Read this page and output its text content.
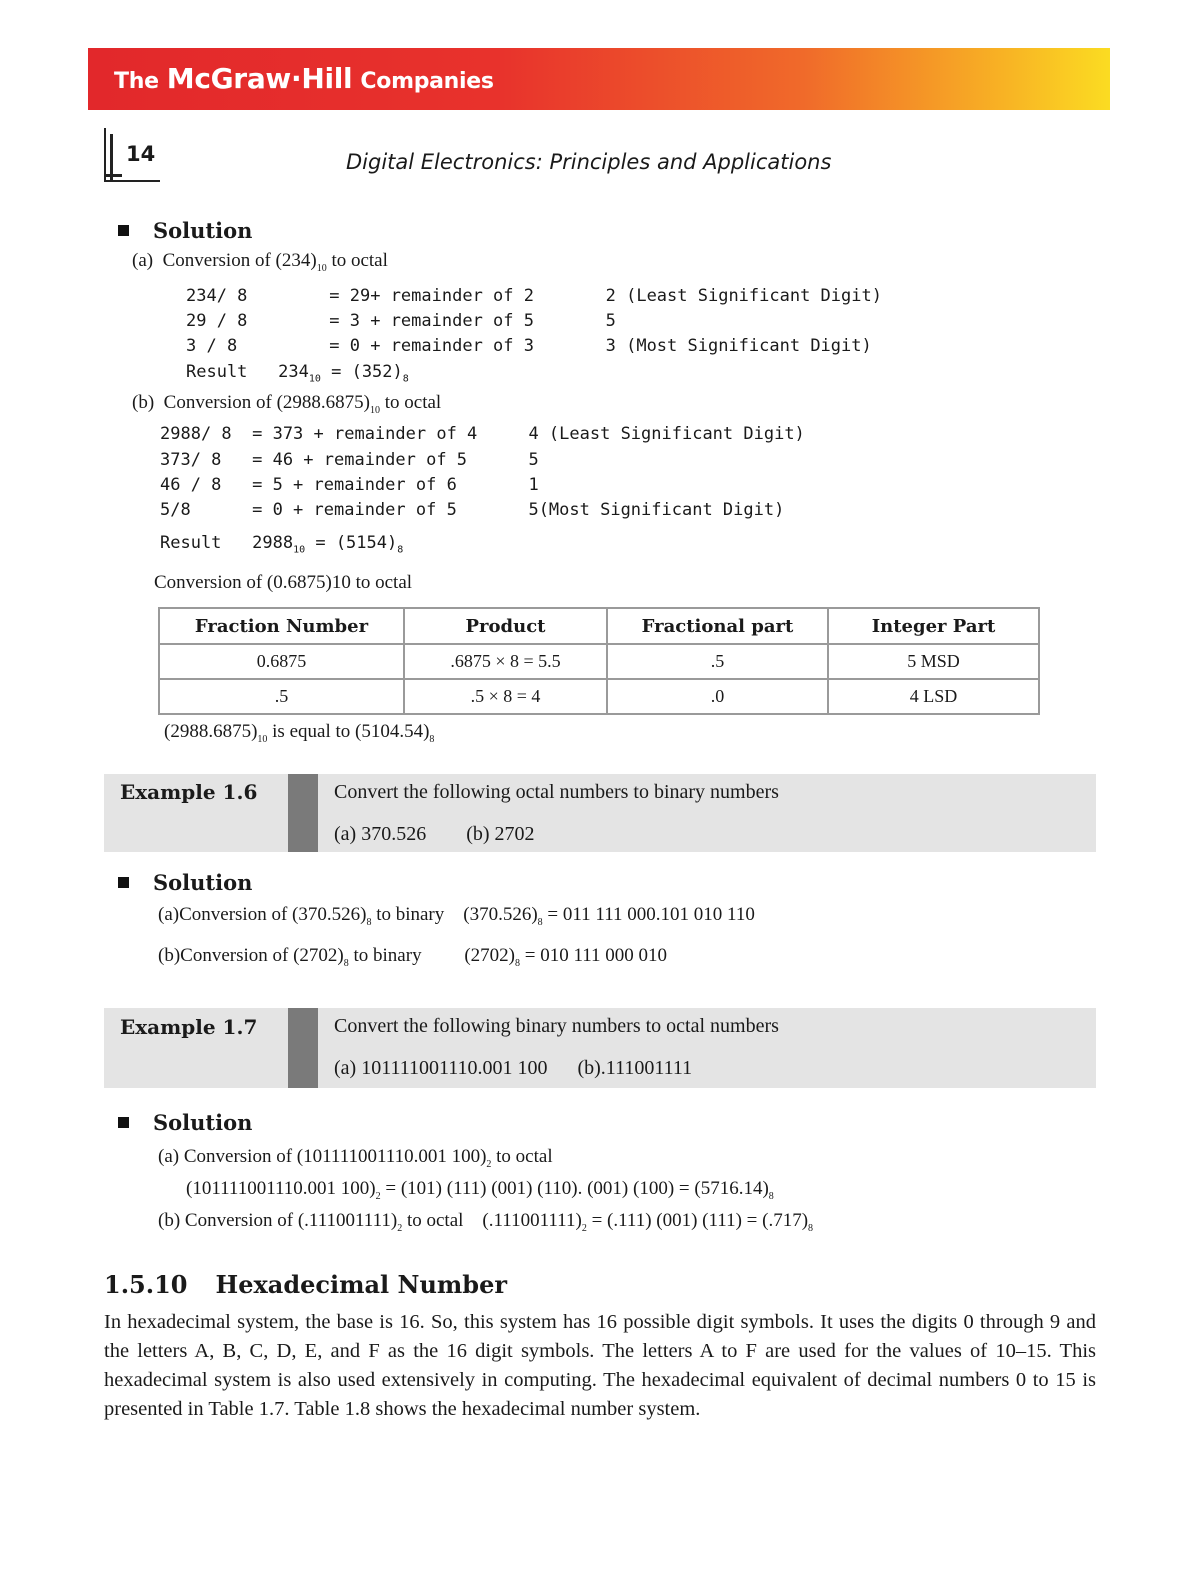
The McGraw·Hill Companies
14	Digital Electronics: Principles and Applications
Solution
(a)  Conversion of $(234)_{10}$ to octal
234/ 8        = 29+ remainder of 2       2 (Least Significant Digit)
29 / 8        = 3 + remainder of 5       5
3 / 8         = 0 + remainder of 3       3 (Most Significant Digit)
Result   $234_{10} = (352)_8$
(b)  Conversion of $(2988.6875)_{10}$ to octal
2988/ 8  = 373 + remainder of 4     4 (Least Significant Digit)
373/ 8   = 46 + remainder of 5      5
46 / 8   = 5 + remainder of 6       1
5/8      = 0 + remainder of 5       5(Most Significant Digit)
Result   $2988_{10} = (5154)_8$
Conversion of (0.6875)10 to octal
Fraction Number	Product	Fractional part	Integer Part
0.6875	.6875 × 8 = 5.5	.5	5 MSD
.5	.5 × 8 = 4	.0	4 LSD
$(2988.6875)_{10}$ is equal to $(5104.54)_8$
Example 1.6	Convert the following octal numbers to binary numbers
(a) 370.526        (b) 2702
Solution
(a)Conversion of $(370.526)_8$ to binary    $(370.526)_8 = 011$ 111 000.101 010 110
(b)Conversion of $(2702)_8$ to binary         $(2702)_8 = 010$ 111 000 010
Example 1.7	Convert the following binary numbers to octal numbers
(a) 101111001110.001 100      (b).111001111
Solution
(a) Conversion of (101111001110.001 $100)_2$ to octal
(101111001110.001 $100)_2 = (101)$ (111) (001) (110). (001) $(100) = (5716.14)_8$
(b) Conversion of $(.111001111)_2$ to octal    $(.111001111)_2 = (.111)$ (001) $(111) = (.717)_8$
1.5.10 Hexadecimal Number
In hexadecimal system, the base is 16. So, this system has 16 possible digit symbols. It uses the digits 0 through 9 and the letters A, B, C, D, E, and F as the 16 digit symbols. The letters A to F are used for the values of 10–15. This hexadecimal system is also used extensively in computing. The hexadecimal equivalent of decimal numbers 0 to 15 is presented in Table 1.7. Table 1.8 shows the hexadecimal number system.
